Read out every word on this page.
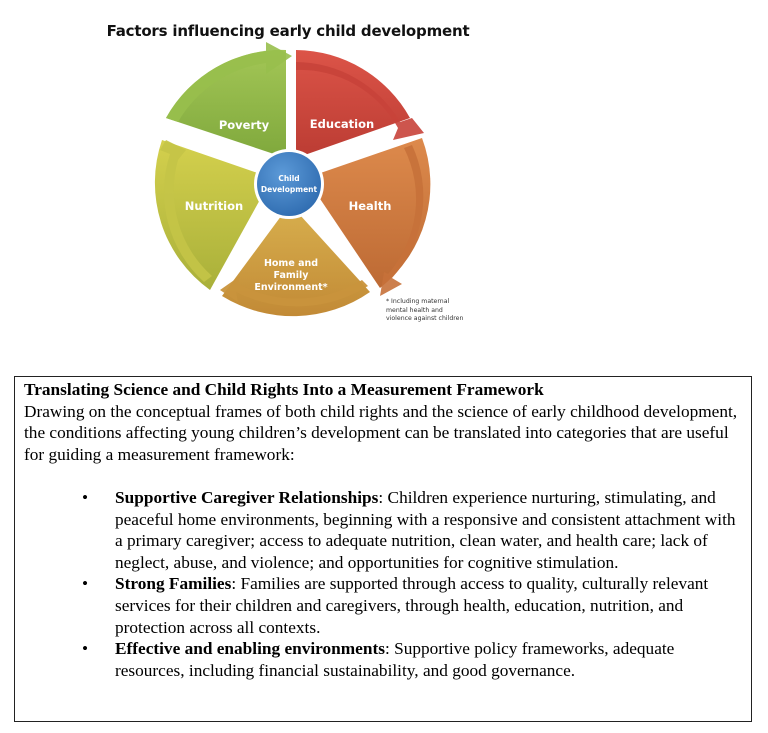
Factors influencing early child development
Poverty	Education
Health
Home and
Family
Environment*
Nutrition
Child
Development
* Including maternal
mental health and
violence against children
Translating Science and Child Rights Into a Measurement Framework

Drawing on the conceptual frames of both child rights and the science of early childhood development, the conditions affecting young children’s development can be translated into categories that are useful for guiding a measurement framework:

• Supportive Caregiver Relationships: Children experience nurturing, stimulating, and peaceful home environments, beginning with a responsive and consistent attachment with a primary caregiver; access to adequate nutrition, clean water, and health care; lack of neglect, abuse, and violence; and opportunities for cognitive stimulation.
• Strong Families: Families are supported through access to quality, culturally relevant services for their children and caregivers, through health, education, nutrition, and protection across all contexts.
• Effective and enabling environments: Supportive policy frameworks, adequate resources, including financial sustainability, and good governance.
